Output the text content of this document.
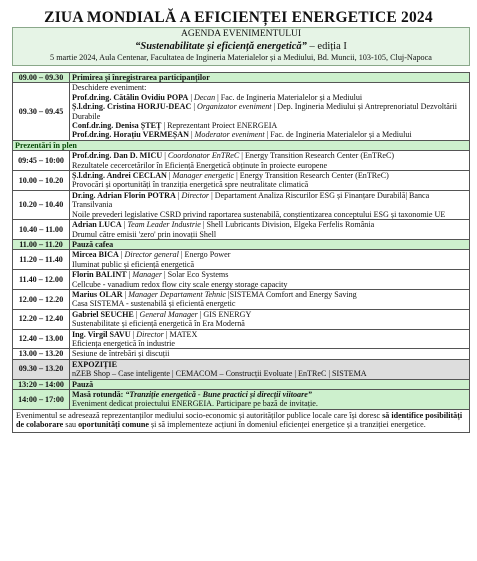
ZIUA MONDIALĂ A EFICIENȚEI ENERGETICE 2024
AGENDA EVENIMENTULUI
“Sustenabilitate și eficiență energetică” – ediția I
5 martie 2024, Aula Centenar, Facultatea de Ingineria Materialelor și a Mediului, Bd. Muncii, 103-105, Cluj-Napoca
09.00 – 09.30	Primirea și înregistrarea participanților
09.30 – 09.45	Deschidere eveniment:
Prof.dr.ing. Cătălin Ovidiu POPA | Decan | Fac. de Ingineria Materialelor și a Mediului
Ș.l.dr.ing. Cristina HORJU-DEAC | Organizator eveniment | Dep. Ingineria Mediului și Antreprenoriatul Dezvoltării Durabile
Conf.dr.ing. Denisa ȘTEȚ | Reprezentant Proiect ENERGEIA
Prof.dr.ing. Horațiu VERMEȘAN | Moderator eveniment | Fac. de Ingineria Materialelor și a Mediului

Prezentări în plen	
09:45 – 10:00	Prof.dr.ing. Dan D. MICU | Coordonator EnTReC | Energy Transition Research Center (EnTReC)
Rezultatele cecercetărilor în Eficiență Energetică obținute în proiecte europene

10.00 – 10.20	Ș.l.dr.ing. Andrei CECLAN | Manager energetic | Energy Transition Research Center (EnTReC)
Provocări și oportunități în tranziția energetică spre neutralitate climatică

10.20 – 10.40	Dr.ing. Adrian Florin POTRA | Director | Departament Analiza Riscurilor ESG și Finanțare Durabilă| Banca Transilvania
Noile prevederi legislative CSRD privind raportarea sustenabilă, conștientizarea conceptului ESG și taxonomie UE

10.40 – 11.00	Adrian LUCA | Team Leader Industrie | Shell Lubricants Division, Elgeka Ferfelis România
Drumul către emisii 'zero' prin inovații Shell

11.00 – 11.20	Pauză cafea
11.20 – 11.40	Mircea BICA | Director general | Energo Power
Iluminat public și eficiență energetică

11.40 – 12.00	Florin BALINT | Manager | Solar Eco Systems
Cellcube - vanadium redox flow city scale energy storage capacity

12.00 – 12.20	Marius OLAR | Manager Departament Tehnic |SISTEMA Comfort and Energy Saving
Casa SISTEMA - sustenabilă și eficientă energetic

12.20 – 12.40	Gabriel SEUCHE | General Manager | GIS ENERGY
Sustenabilitate și eficiență energetică în Era Modernă

12.40 – 13.00	Ing. Virgil SAVU | Director | MATEX
Eficiența energetică în industrie

13.00 – 13.20	Sesiune de întrebări și discuții
09.30 – 13.20	EXPOZIȚIE
nZEB Shop – Case inteligente | CEMACOM – Construcții Evoluate | EnTReC | SISTEMA

13:20 – 14:00	Pauză
14:00 – 17:00	Masă rotundă: “Tranziție energetică - Bune practici și direcții viitoare”
Eveniment dedicat proiectului ENERGEIA. Participare pe bază de invitație.
Evenimentul se adresează reprezentanților mediului socio-economic și autorităților publice locale care își doresc să identifice posibilități de colaborare sau oportunități comune și să implementeze acțiuni în domeniul eficienței energetice și a tranziției energetice.
